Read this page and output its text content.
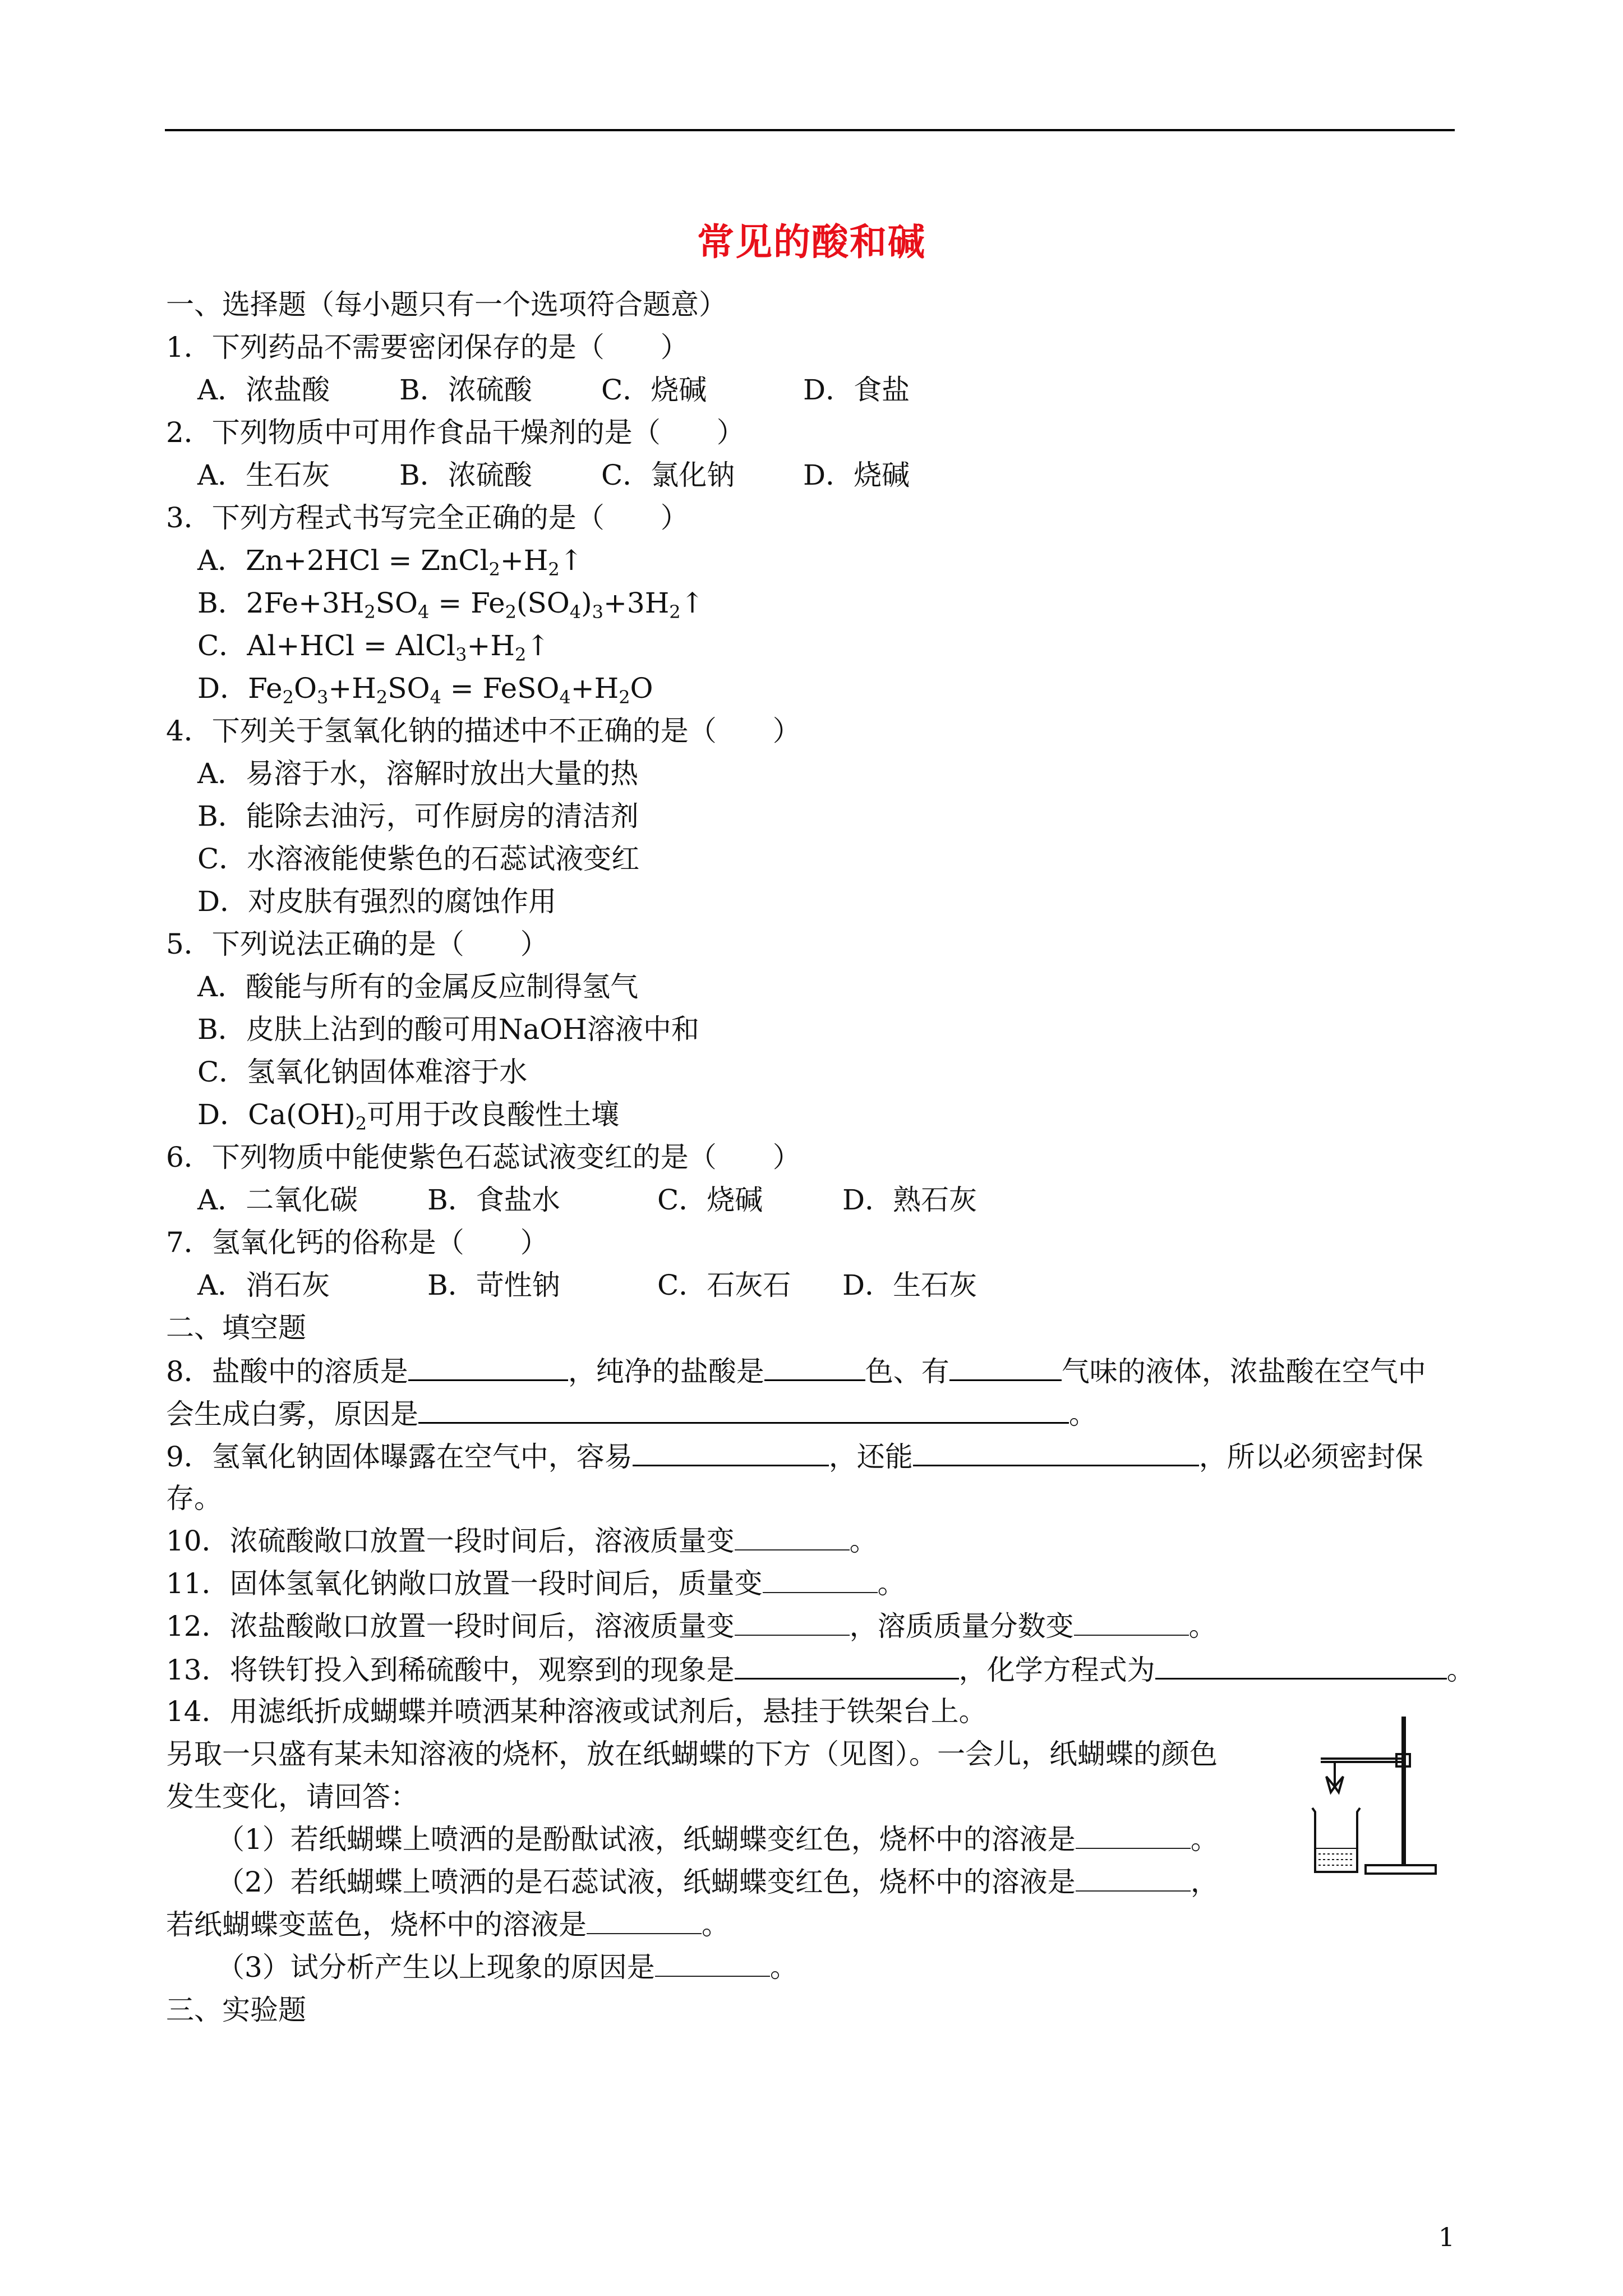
常见的酸和碱
一、选择题（每小题只有一个选项符合题意）
1．下列药品不需要密闭保存的是（　　）
A．浓盐酸 B．浓硫酸 C．烧碱	D．食盐
2．下列物质中可用作食品干燥剂的是（　　）
A．生石灰 B．浓硫酸 C．氯化钠 D．烧碱
3．下列方程式书写完全正确的是（　　）
A．$Zn+2HCl = ZnCl_2+H_2↑$
B．$2Fe+3H_2SO_4$ = $Fe_2(SO_4)_3+3H_2↑$
C．$Al+HCl = AlCl_3+H_2↑$
D．$Fe_2O_3+H_2SO_4$ = $FeSO_4+H_2O$
4．下列关于氢氧化钠的描述中不正确的是（　　）
A．易溶于水，溶解时放出大量的热
B．能除去油污，可作厨房的清洁剂
C．水溶液能使紫色的石蕊试液变红
D．对皮肤有强烈的腐蚀作用
5．下列说法正确的是（　　）
A．酸能与所有的金属反应制得氢气
B．皮肤上沾到的酸可用NaOH溶液中和
C．氢氧化钠固体难溶于水
D．$Ca(OH)_2$可用于改良酸性土壤
6．下列物质中能使紫色石蕊试液变红的是（　　）
A．二氧化碳 B．食盐水	C．烧碱	D．熟石灰
7．氢氧化钙的俗称是（　　）
A．消石灰	B．苛性钠	C．石灰石 D．生石灰
二、填空题
8．盐酸中的溶质是	，纯净的盐酸是	色、有	气味的液体，浓盐酸在空气中
会生成白雾，原因是	。
9．氢氧化钠固体曝露在空气中，容易	，还能	，所以必须密封保
存。
10．浓硫酸敞口放置一段时间后，溶液质量变	。
11．固体氢氧化钠敞口放置一段时间后，质量变	。
12．浓盐酸敞口放置一段时间后，溶液质量变	，溶质质量分数变	。
13．将铁钉投入到稀硫酸中，观察到的现象是	，化学方程式为	。
14．用滤纸折成蝴蝶并喷洒某种溶液或试剂后，悬挂于铁架台上。
另取一只盛有某未知溶液的烧杯，放在纸蝴蝶的下方（见图）。一会儿，纸蝴蝶的颜色
发生变化，请回答：
（1）若纸蝴蝶上喷洒的是酚酞试液，纸蝴蝶变红色，烧杯中的溶液是	。
（2）若纸蝴蝶上喷洒的是石蕊试液，纸蝴蝶变红色，烧杯中的溶液是	，
若纸蝴蝶变蓝色，烧杯中的溶液是	。
（3）试分析产生以上现象的原因是	。
三、实验题
1
